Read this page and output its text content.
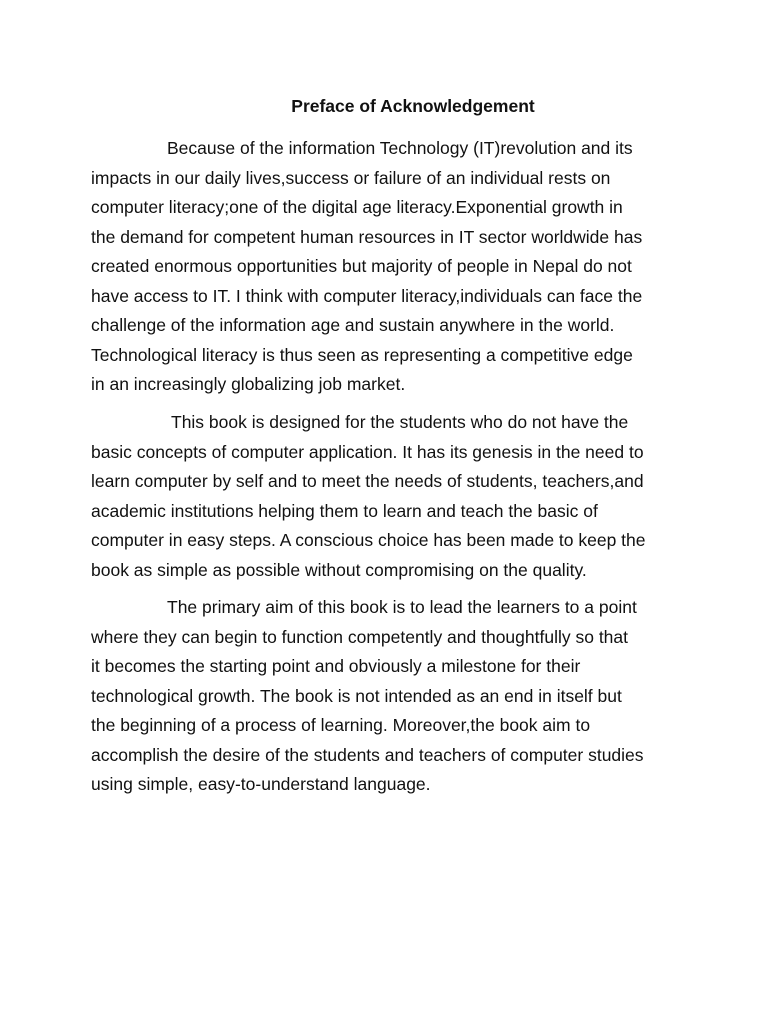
Preface of Acknowledgement

Because of the information Technology (IT)revolution and its
impacts in our daily lives,success or failure of an individual rests on
computer literacy;one of the digital age literacy.Exponential growth in
the demand for competent human resources in IT sector worldwide has
created enormous opportunities but majority of people in Nepal do not
have access to IT. I think with computer literacy,individuals can face the
challenge of the information age and sustain anywhere in the world.
Technological literacy is thus seen as representing a competitive edge
in an increasingly globalizing job market.

This book is designed for the students who do not have the
basic concepts of computer application. It has its genesis in the need to
learn computer by self and to meet the needs of students, teachers,and
academic institutions helping them to learn and teach the basic of
computer in easy steps. A conscious choice has been made to keep the
book as simple as possible without compromising on the quality.

The primary aim of this book is to lead the learners to a point
where they can begin to function competently and thoughtfully so that
it becomes the starting point and obviously a milestone for their
technological growth. The book is not intended as an end in itself but
the beginning of a process of learning. Moreover,the book aim to
accomplish the desire of the students and teachers of computer studies
using simple, easy-to-understand language.
